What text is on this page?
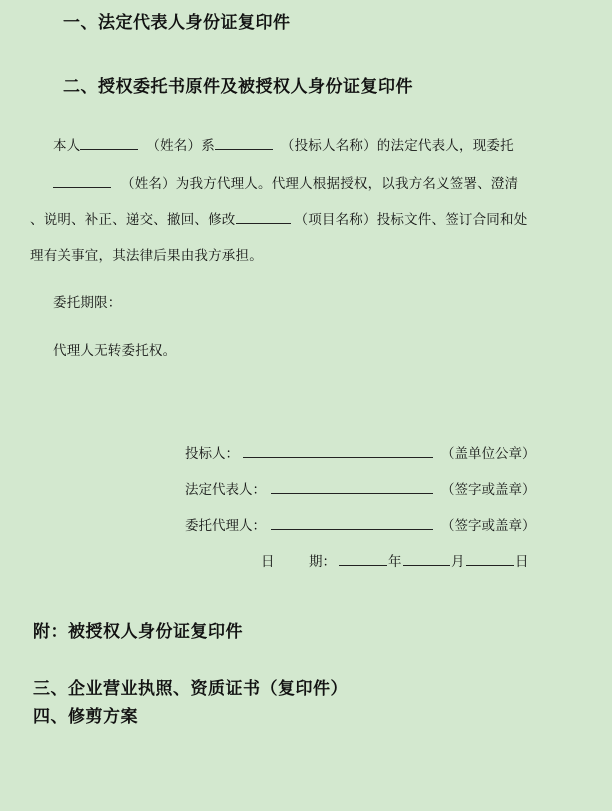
一、法定代表人身份证复印件
二、授权委托书原件及被授权人身份证复印件
本人	（姓名）系	（投标人名称）的法定代表人，现委托
（姓名）为我方代理人。代理人根据授权，以我方名义签署、澄清
、说明、补正、递交、撤回、修改	（项目名称）投标文件、签订合同和处
理有关事宜，其法律后果由我方承担。
委托期限：
代理人无转委托权。
投标人：	（盖单位公章）
法定代表人：	（签字或盖章）
委托代理人：	（签字或盖章）
日	期：	年	月	日
附：被授权人身份证复印件
三、企业营业执照、资质证书（复印件）
四、修剪方案
